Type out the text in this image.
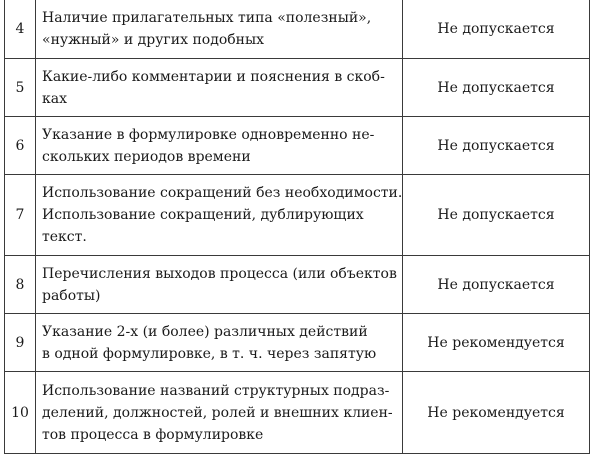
4	Наличие прилагательных типа «полезный»,
«нужный» и других подобных	Не допускается
5	Какие-либо комментарии и пояснения в скоб-
ках	Не допускается
6	Указание в формулировке одновременно не-
скольких периодов времени	Не допускается
7	Использование сокращений без необходимости.
Использование сокращений, дублирующих
текст.	Не допускается
8	Перечисления выходов процесса (или объектов
работы)	Не допускается
9	Указание 2-х (и более) различных действий
в одной формулировке, в т. ч. через запятую	Не рекомендуется
10	Использование названий структурных подраз-
делений, должностей, ролей и внешних клиен-
тов процесса в формулировке	Не рекомендуется
